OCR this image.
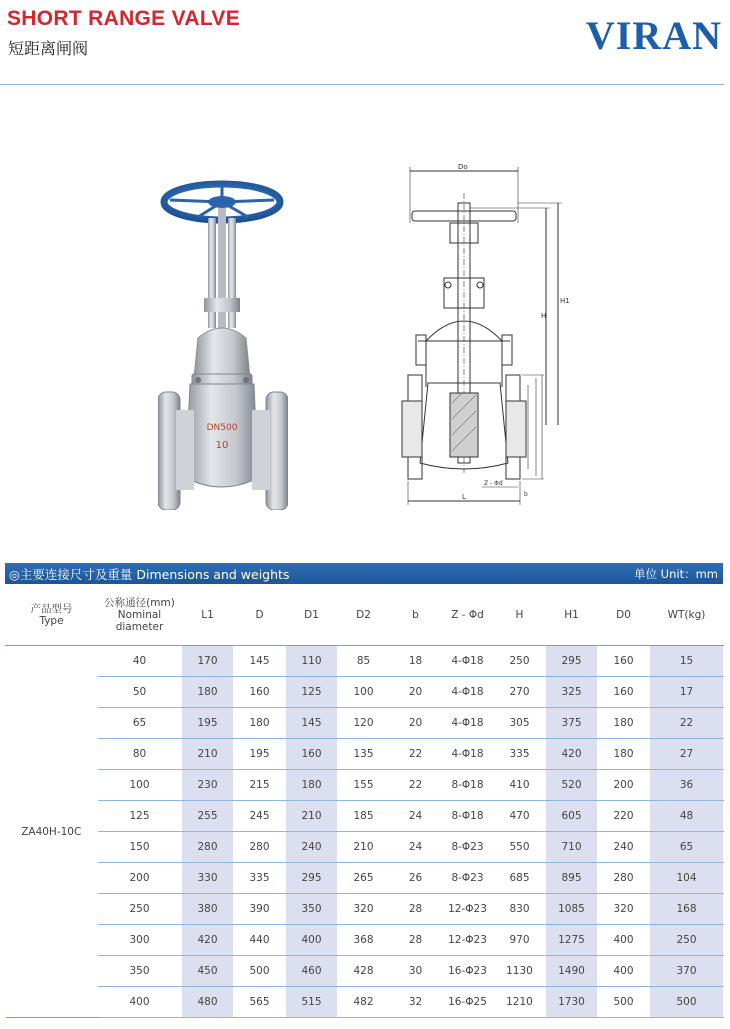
SHORT RANGE VALVE
短距离闸阀	VIRAN
DN500
10
Do
H
H1
Z - Φd
b
L
◎主要连接尺寸及重量 Dimensions and weights	单位 Unit：mm
产品型号
Type	公称通径(mm)
Nominal
diameter	L1	D	D1	D2	b	Z - Φd	H	H1	D0	WT(kg)
ZA40H-10C	40	170	145	110	85	18	4-Φ18	250	295	160	15
	50	180	160	125	100	20	4-Φ18	270	325	160	17
	65	195	180	145	120	20	4-Φ18	305	375	180	22
	80	210	195	160	135	22	4-Φ18	335	420	180	27
	100	230	215	180	155	22	8-Φ18	410	520	200	36
	125	255	245	210	185	24	8-Φ18	470	605	220	48
	150	280	280	240	210	24	8-Φ23	550	710	240	65
	200	330	335	295	265	26	8-Φ23	685	895	280	104
	250	380	390	350	320	28	12-Φ23	830	1085	320	168
	300	420	440	400	368	28	12-Φ23	970	1275	400	250
	350	450	500	460	428	30	16-Φ23	1130	1490	400	370
	400	480	565	515	482	32	16-Φ25	1210	1730	500	500
